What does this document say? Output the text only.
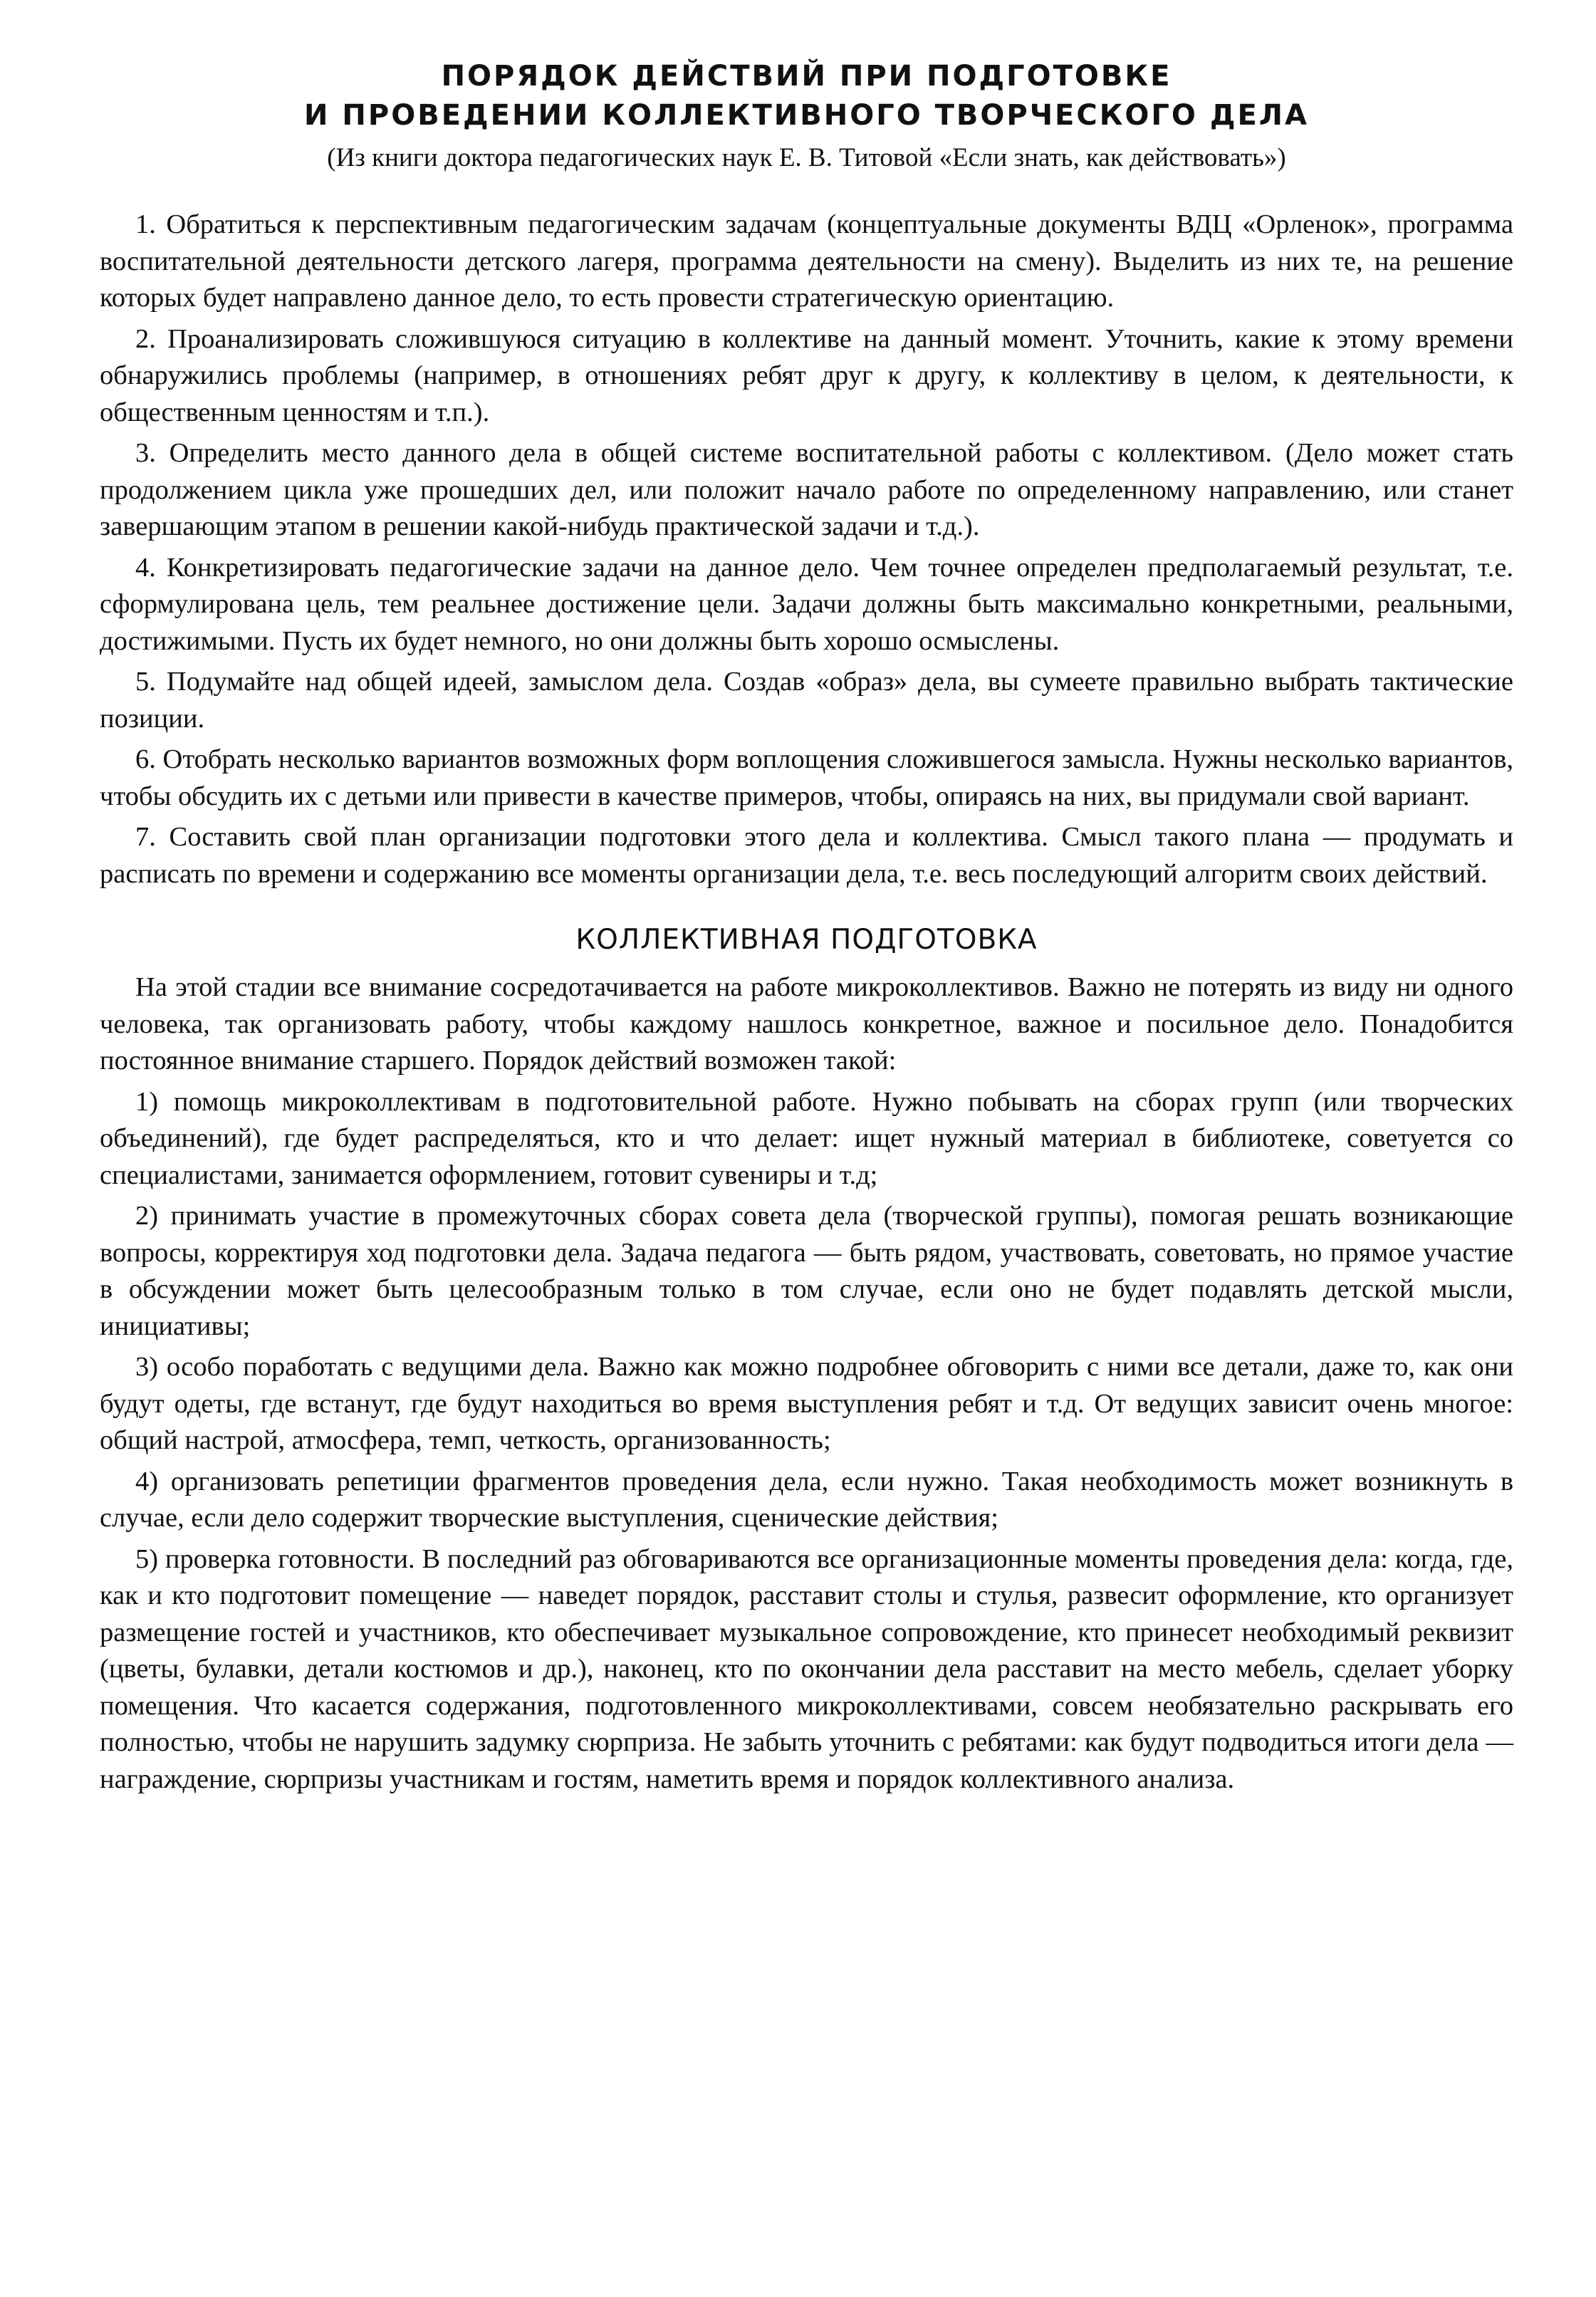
ПОРЯДОК ДЕЙСТВИЙ ПРИ ПОДГОТОВКЕ
И ПРОВЕДЕНИИ КОЛЛЕКТИВНОГО ТВОРЧЕСКОГО ДЕЛА
(Из книги доктора педагогических наук Е. В. Титовой «Если знать, как действовать»)

1. Обратиться к перспективным педагогическим задачам (концептуальные документы ВДЦ «Орленок», программа воспитательной деятельности детского лагеря, программа деятельности на смену). Выделить из них те, на решение которых будет направлено данное дело, то есть провести стратегическую ориентацию.

2. Проанализировать сложившуюся ситуацию в коллективе на данный момент. Уточнить, какие к этому времени обнаружились проблемы (например, в отношениях ребят друг к другу, к коллективу в целом, к деятельности, к общественным ценностям и т.п.).

3. Определить место данного дела в общей системе воспитательной работы с коллективом. (Дело может стать продолжением цикла уже прошедших дел, или положит начало работе по определенному направлению, или станет завершающим этапом в решении какой-нибудь практической задачи и т.д.).

4. Конкретизировать педагогические задачи на данное дело. Чем точнее определен предполагаемый результат, т.е. сформулирована цель, тем реальнее достижение цели. Задачи должны быть максимально конкретными, реальными, достижимыми. Пусть их будет немного, но они должны быть хорошо осмыслены.

5. Подумайте над общей идеей, замыслом дела. Создав «образ» дела, вы сумеете правильно выбрать тактические позиции.

6. Отобрать несколько вариантов возможных форм воплощения сложившегося замысла. Нужны несколько вариантов, чтобы обсудить их с детьми или привести в качестве примеров, чтобы, опираясь на них, вы придумали свой вариант.

7. Составить свой план организации подготовки этого дела и коллектива. Смысл такого плана — продумать и расписать по времени и содержанию все моменты организации дела, т.е. весь последующий алгоритм своих действий.

КОЛЛЕКТИВНАЯ ПОДГОТОВКА

На этой стадии все внимание сосредотачивается на работе микроколлективов. Важно не потерять из виду ни одного человека, так организовать работу, чтобы каждому нашлось конкретное, важное и посильное дело. Понадобится постоянное внимание старшего. Порядок действий возможен такой:

1) помощь микроколлективам в подготовительной работе. Нужно побывать на сборах групп (или творческих объединений), где будет распределяться, кто и что делает: ищет нужный материал в библиотеке, советуется со специалистами, занимается оформлением, готовит сувениры и т.д;

2) принимать участие в промежуточных сборах совета дела (творческой группы), помогая решать возникающие вопросы, корректируя ход подготовки дела. Задача педагога — быть рядом, участвовать, советовать, но прямое участие в обсуждении может быть целесообразным только в том случае, если оно не будет подавлять детской мысли, инициативы;

3) особо поработать с ведущими дела. Важно как можно подробнее обговорить с ними все детали, даже то, как они будут одеты, где встанут, где будут находиться во время выступления ребят и т.д. От ведущих зависит очень многое: общий настрой, атмосфера, темп, четкость, организованность;

4) организовать репетиции фрагментов проведения дела, если нужно. Такая необходимость может возникнуть в случае, если дело содержит творческие выступления, сценические действия;

5) проверка готовности. В последний раз обговариваются все организационные моменты проведения дела: когда, где, как и кто подготовит помещение — наведет порядок, расставит столы и стулья, развесит оформление, кто организует размещение гостей и участников, кто обеспечивает музыкальное сопровождение, кто принесет необходимый реквизит (цветы, булавки, детали костюмов и др.), наконец, кто по окончании дела расставит на место мебель, сделает уборку помещения. Что касается содержания, подготовленного микроколлективами, совсем необязательно раскрывать его полностью, чтобы не нарушить задумку сюрприза. Не забыть уточнить с ребятами: как будут подводиться итоги дела — награждение, сюрпризы участникам и гостям, наметить время и порядок коллективного анализа.
